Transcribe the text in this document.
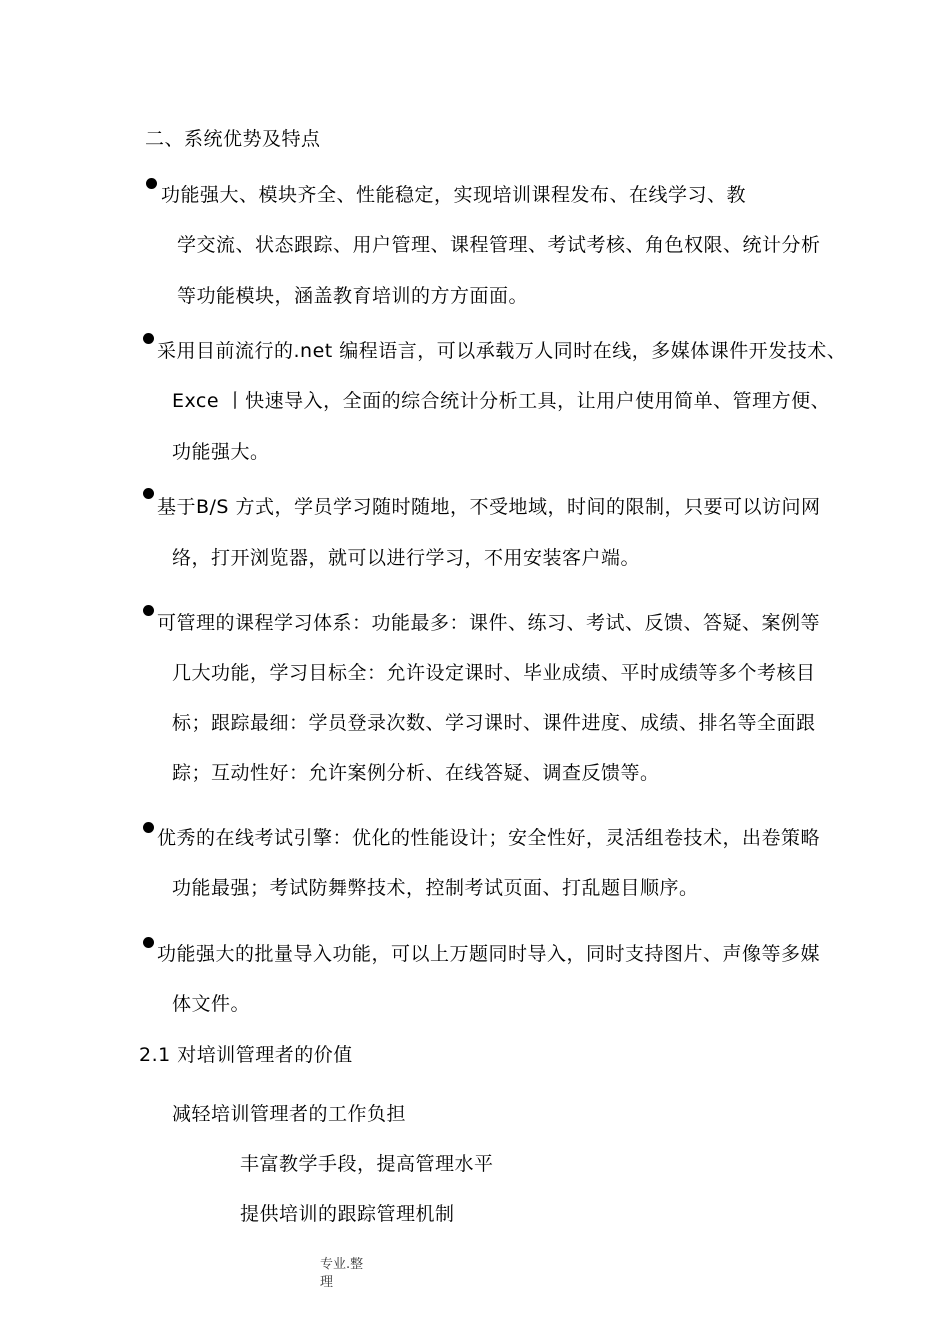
二、系统优势及特点
功能强大、模块齐全、性能稳定，实现培训课程发布、在线学习、教
学交流、状态跟踪、用户管理、课程管理、考试考核、角色权限、统计分析
等功能模块，涵盖教育培训的方方面面。
采用目前流行的.net 编程语言，可以承载万人同时在线，多媒体课件开发技术、
Exce 丨快速导入，全面的综合统计分析工具，让用户使用简单、管理方便、
功能强大。
基于B/S 方式，学员学习随时随地，不受地域，时间的限制，只要可以访问网
络，打开浏览器，就可以进行学习，不用安装客户端。
可管理的课程学习体系：功能最多：课件、练习、考试、反馈、答疑、案例等
几大功能，学习目标全：允许设定课时、毕业成绩、平时成绩等多个考核目
标；跟踪最细：学员登录次数、学习课时、课件进度、成绩、排名等全面跟
踪；互动性好：允许案例分析、在线答疑、调查反馈等。
优秀的在线考试引擎：优化的性能设计；安全性好，灵活组卷技术，出卷策略
功能最强；考试防舞弊技术，控制考试页面、打乱题目顺序。
功能强大的批量导入功能，可以上万题同时导入，同时支持图片、声像等多媒
体文件。
2.1 对培训管理者的价值
减轻培训管理者的工作负担
丰富教学手段，提高管理水平
提供培训的跟踪管理机制
专业.整
理
